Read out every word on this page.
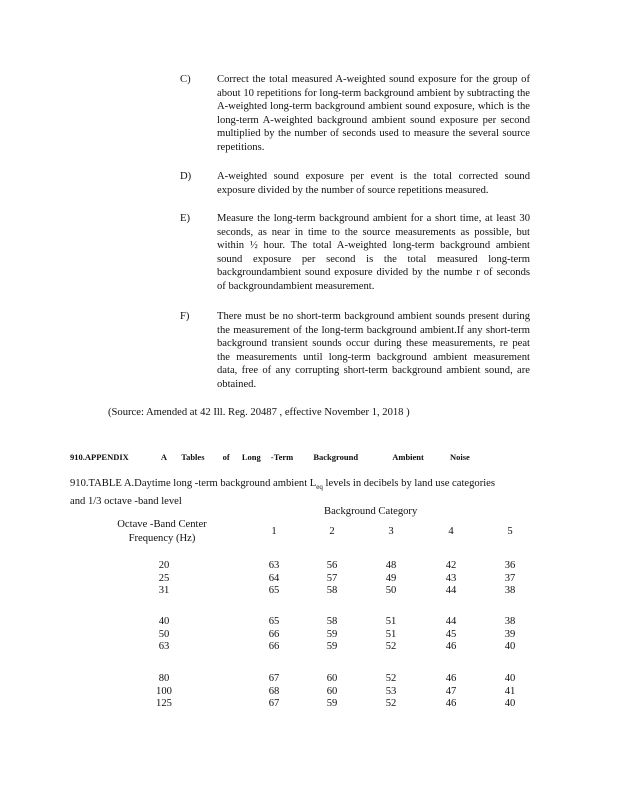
C)	Correct the total measured A-weighted sound exposure for the group of about 10 repetitions for long-term background ambient by subtracting the A-weighted long-term background ambient sound exposure, which is the long-term A-weighted background ambient sound exposure per second multiplied by the number of seconds used to measure the several source repetitions.
D)	A-weighted sound exposure per event is the total corrected sound exposure divided by the number of source repetitions measured.
E)	Measure the long-term background ambient for a short time, at least 30 seconds, as near in time to the source measurements as possible, but within ½ hour. The total A-weighted long-term background ambient sound exposure per second is the total measured long-term backgroundambient sound exposure divided by the numbe r of seconds of backgroundambient measurement.
F)	There must be no short-term background ambient sounds present during the measurement of the long-term background ambient.If any short-term background transient sounds occur during these measurements, re peat the measurements until long-term background ambient measurement data, free of any corrupting short-term background ambient sound, are obtained.
(Source: Amended at 42 Ill. Reg. 20487 , effective November 1, 2018 )
910.APPENDIX	A Tables of Long -Term Background	Ambient	Noise
910.TABLE A.Daytime long -term background ambient $L_{eq}$ levels in decibels by land use categories and 1/3 octave -band level
Background Category
Octave -Band Center Frequency (Hz)
1	2	3	4	5
20	63	56	48	42	36
25	64	57	49	43	37
31	65	58	50	44	38
40	65	58	51	44	38
50	66	59	51	45	39
63	66	59	52	46	40
80	67	60	52	46	40
100	68	60	53	47	41
125	67	59	52	46	40
